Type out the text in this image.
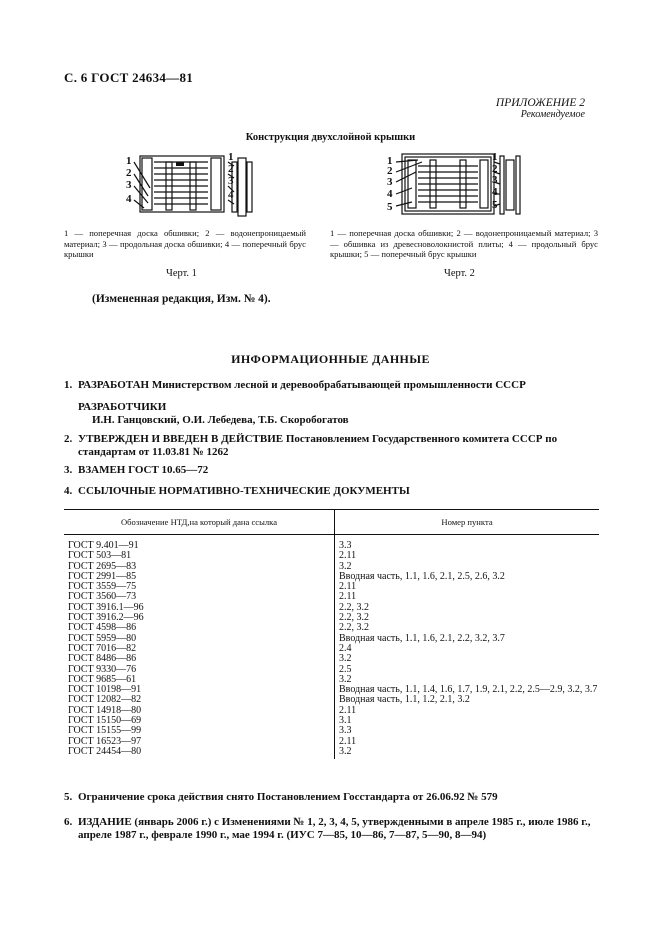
С. 6 ГОСТ 24634—81
ПРИЛОЖЕНИЕ 2
Рекомендуемое
Конструкция двухслойной крышки
1
2
3
4
1
2
3
4
1
2
3
4
5
1
2
3
4
5
1 — поперечная доска обшивки; 2 — водонепроницаемый материал; 3 — продольная доска обшивки; 4 — поперечный брус крышки
1 — поперечная доска обшивки; 2 — водонепроницаемый материал; 3 — обшивка из древесноволокнистой плиты; 4 — продольный брус крышки; 5 — поперечный брус крышки
Черт. 1	Черт. 2
(Измененная редакция, Изм. № 4).
ИНФОРМАЦИОННЫЕ ДАННЫЕ
1. РАЗРАБОТАН Министерством лесной и деревообрабатывающей промышленности СССР
РАЗРАБОТЧИКИ
И.Н. Ганцовский, О.И. Лебедева, Т.Б. Скоробогатов
2. УТВЕРЖДЕН И ВВЕДЕН В ДЕЙСТВИЕ Постановлением Государственного комитета СССР по
стандартам от 11.03.81 № 1262
3. ВЗАМЕН ГОСТ 10.65—72
4. ССЫЛОЧНЫЕ НОРМАТИВНО-ТЕХНИЧЕСКИЕ ДОКУМЕНТЫ
Обозначение НТД,на который дана ссылка	Номер пункта
ГОСТ 9.401—91	3.3
ГОСТ 503—81	2.11
ГОСТ 2695—83	3.2
ГОСТ 2991—85	Вводная часть, 1.1, 1.6, 2.1, 2.5, 2.6, 3.2
ГОСТ 3559—75	2.11
ГОСТ 3560—73	2.11
ГОСТ 3916.1—96	2.2, 3.2
ГОСТ 3916.2—96	2.2, 3.2
ГОСТ 4598—86	2.2, 3.2
ГОСТ 5959—80	Вводная часть, 1.1, 1.6, 2.1, 2.2, 3.2, 3.7
ГОСТ 7016—82	2.4
ГОСТ 8486—86	3.2
ГОСТ 9330—76	2.5
ГОСТ 9685—61	3.2
ГОСТ 10198—91	Вводная часть, 1.1, 1.4, 1.6, 1.7, 1.9, 2.1, 2.2, 2.5—2.9, 3.2, 3.7
ГОСТ 12082—82	Вводная часть, 1.1, 1.2, 2.1, 3.2
ГОСТ 14918—80	2.11
ГОСТ 15150—69	3.1
ГОСТ 15155—99	3.3
ГОСТ 16523—97	2.11
ГОСТ 24454—80	3.2
5. Ограничение срока действия снято Постановлением Госстандарта от 26.06.92 № 579
6. ИЗДАНИЕ (январь 2006 г.) с Изменениями № 1, 2, 3, 4, 5, утвержденными в апреле 1985 г., июле 1986 г.,
апреле 1987 г., феврале 1990 г., мае 1994 г. (ИУС 7—85, 10—86, 7—87, 5—90, 8—94)
